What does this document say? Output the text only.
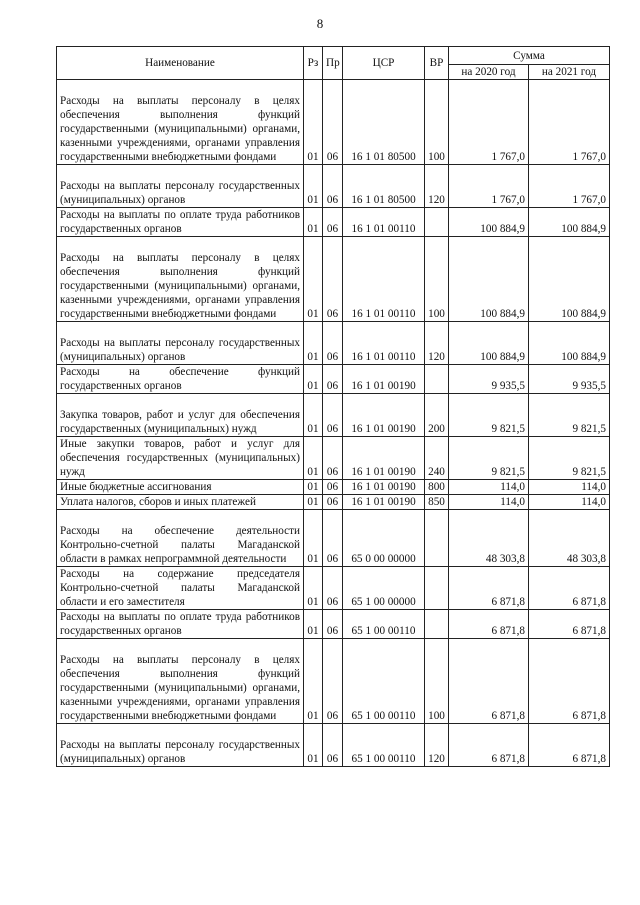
8
Наименование	Рз	Пр	ЦСР	ВР	Сумма	
					на 2020 год	на 2021 год
Расходы на выплаты персоналу в целях обеспечения выполнения функций государственными (муниципальными) органами, казенными учреждениями, органами управления государственными внебюджетными фондами	01	06	16 1 01 80500	100	1 767,0	1 767,0
Расходы на выплаты персоналу государственных (муниципальных) органов	01	06	16 1 01 80500	120	1 767,0	1 767,0
Расходы на выплаты по оплате труда работников государственных органов	01	06	16 1 01 00110		100 884,9	100 884,9
Расходы на выплаты персоналу в целях обеспечения выполнения функций государственными (муниципальными) органами, казенными учреждениями, органами управления государственными внебюджетными фондами	01	06	16 1 01 00110	100	100 884,9	100 884,9
Расходы на выплаты персоналу государственных (муниципальных) органов	01	06	16 1 01 00110	120	100 884,9	100 884,9
Расходы на обеспечение функций государственных органов	01	06	16 1 01 00190		9 935,5	9 935,5
Закупка товаров, работ и услуг для обеспечения государственных (муниципальных) нужд	01	06	16 1 01 00190	200	9 821,5	9 821,5
Иные закупки товаров, работ и услуг для обеспечения государственных (муниципальных) нужд	01	06	16 1 01 00190	240	9 821,5	9 821,5
Иные бюджетные ассигнования	01	06	16 1 01 00190	800	114,0	114,0
Уплата налогов, сборов и иных платежей	01	06	16 1 01 00190	850	114,0	114,0
Расходы на обеспечение деятельности Контрольно-счетной палаты Магаданской области в рамках непрограммной деятельности	01	06	65 0 00 00000		48 303,8	48 303,8
Расходы на содержание председателя Контрольно-счетной палаты Магаданской области и его заместителя	01	06	65 1 00 00000		6 871,8	6 871,8
Расходы на выплаты по оплате труда работников государственных органов	01	06	65 1 00 00110		6 871,8	6 871,8
Расходы на выплаты персоналу в целях обеспечения выполнения функций государственными (муниципальными) органами, казенными учреждениями, органами управления государственными внебюджетными фондами	01	06	65 1 00 00110	100	6 871,8	6 871,8
Расходы на выплаты персоналу государственных (муниципальных) органов	01	06	65 1 00 00110	120	6 871,8	6 871,8
